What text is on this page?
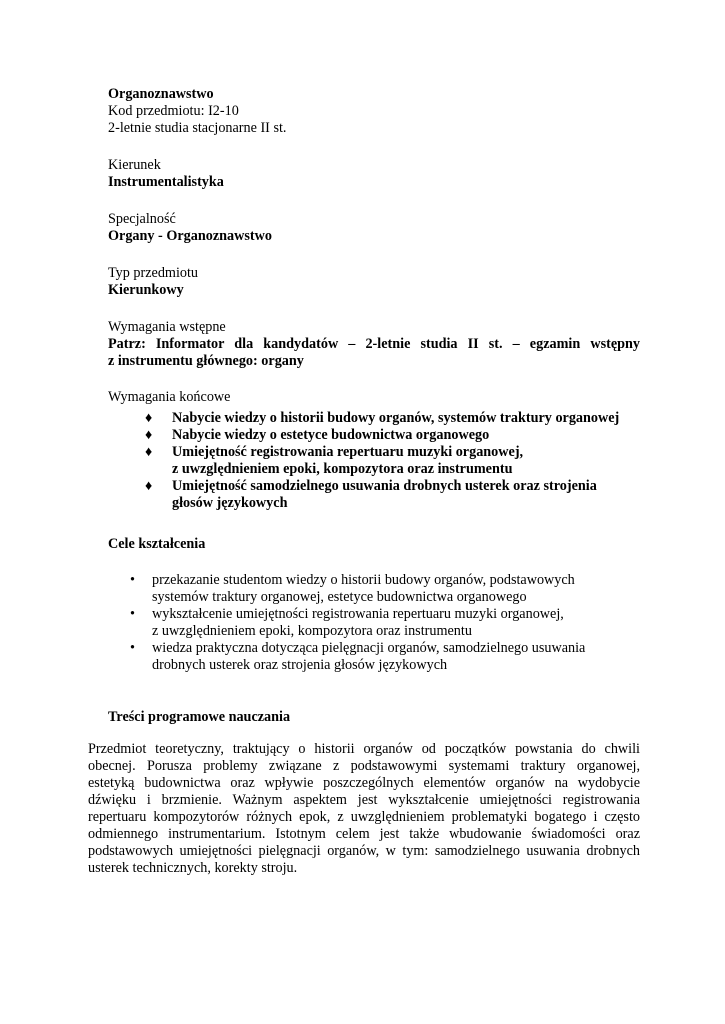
Organoznawstwo

Kod przedmiotu: I2-10

2-letnie studia stacjonarne II st.

Kierunek

Instrumentalistyka

Specjalność

Organy - Organoznawstwo

Typ przedmiotu

Kierunkowy

Wymagania wstępne

Patrz: Informator dla kandydatów – 2-letnie studia II st. – egzamin wstępny

z instrumentu głównego: organy

Wymagania końcowe

♦ Nabycie wiedzy o historii budowy organów, systemów traktury organowej
♦ Nabycie wiedzy o estetyce budownictwa organowego
♦ Umiejętność registrowania repertuaru muzyki organowej,
z uwzględnieniem epoki, kompozytora oraz instrumentu
♦ Umiejętność samodzielnego usuwania drobnych usterek oraz strojenia
głosów językowych

Cele kształcenia

• przekazanie studentom wiedzy o historii budowy organów, podstawowych
systemów traktury organowej, estetyce budownictwa organowego
• wykształcenie umiejętności registrowania repertuaru muzyki organowej,
z uwzględnieniem epoki, kompozytora oraz instrumentu
• wiedza praktyczna dotycząca pielęgnacji organów, samodzielnego usuwania
drobnych usterek oraz strojenia głosów językowych

Treści programowe nauczania

Przedmiot teoretyczny, traktujący o historii organów od początków powstania do chwili
obecnej. Porusza problemy związane z podstawowymi systemami traktury organowej,
estetyką budownictwa oraz wpływie poszczególnych elementów organów na wydobycie
dźwięku i brzmienie. Ważnym aspektem jest wykształcenie umiejętności registrowania
repertuaru kompozytorów różnych epok, z uwzględnieniem problematyki bogatego i często
odmiennego instrumentarium. Istotnym celem jest także wbudowanie świadomości oraz
podstawowych umiejętności pielęgnacji organów, w tym: samodzielnego usuwania drobnych
usterek technicznych, korekty stroju.
